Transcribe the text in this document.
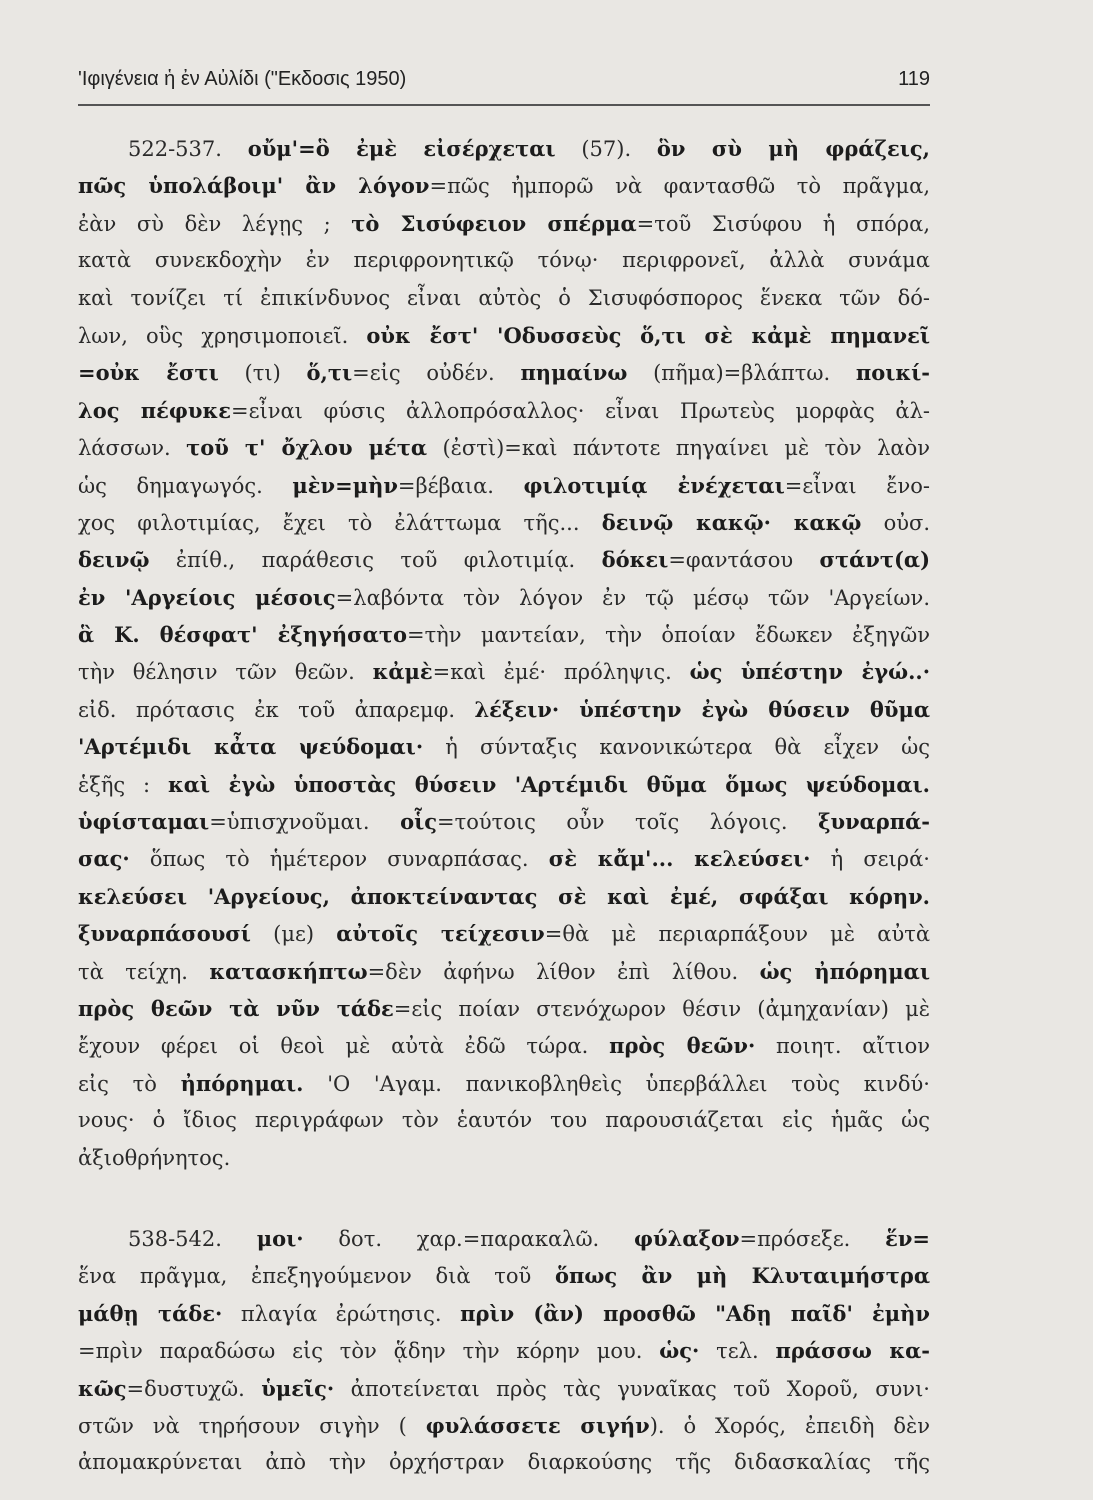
'Ιφιγένεια ἡ ἐν Αὐλίδι ("Εκδοσις 1950)	119
522-537. οὔμ'=ὃ ἐμὲ εἰσέρχεται (57). ὃν σὺ μὴ φράζεις,
πῶς ὑπολάβοιμ' ἂν λόγον=πῶς ἠμπορῶ νὰ φαντασθῶ τὸ πρᾶγμα,
ἐὰν σὺ δὲν λέγῃς ; τὸ Σισύφειον σπέρμα=τοῦ Σισύφου ἡ σπόρα,
κατὰ συνεκδοχὴν ἐν περιφρονητικῷ τόνῳ· περιφρονεῖ, ἀλλὰ συνάμα
καὶ τονίζει τί ἐπικίνδυνος εἶναι αὐτὸς ὁ Σισυφόσπορος ἕνεκα τῶν δό-
λων, οὓς χρησιμοποιεῖ. οὐκ ἔστ' 'Οδυσσεὺς ὅ,τι σὲ κἀμὲ πημανεῖ
=οὐκ ἔστι (τι) ὅ,τι=εἰς οὐδέν. πημαίνω (πῆμα)=βλάπτω. ποικί-
λος πέφυκε=εἶναι φύσις ἀλλοπρόσαλλος· εἶναι Πρωτεὺς μορφὰς ἀλ-
λάσσων. τοῦ τ' ὄχλου μέτα (ἐστὶ)=καὶ πάντοτε πηγαίνει μὲ τὸν λαὸν
ὡς δημαγωγός. μὲν=μὴν=βέβαια. φιλοτιμίᾳ ἐνέχεται=εἶναι ἔνο-
χος φιλοτιμίας, ἔχει τὸ ἐλάττωμα τῆς... δεινῷ κακῷ· κακῷ οὐσ.
δεινῷ ἐπίθ., παράθεσις τοῦ φιλοτιμίᾳ. δόκει=φαντάσου στάντ(α)
ἐν 'Αργείοις μέσοις=λαβόντα τὸν λόγον ἐν τῷ μέσῳ τῶν 'Αργείων.
ἃ Κ. θέσφατ' ἐξηγήσατο=τὴν μαντείαν, τὴν ὁποίαν ἔδωκεν ἐξηγῶν
τὴν θέλησιν τῶν θεῶν. κἀμὲ=καὶ ἐμέ· πρόληψις. ὡς ὑπέστην ἐγώ..·
εἰδ. πρότασις ἐκ τοῦ ἀπαρεμφ. λέξειν· ὑπέστην ἐγὼ θύσειν θῦμα
'Αρτέμιδι κἆτα ψεύδομαι· ἡ σύνταξις κανονικώτερα θὰ εἶχεν ὡς
ἑξῆς : καὶ ἐγὼ ὑποστὰς θύσειν 'Αρτέμιδι θῦμα ὅμως ψεύδομαι.
ὑφίσταμαι=ὑπισχνοῦμαι. οἷς=τούτοις οὖν τοῖς λόγοις. ξυναρπά-
σας· ὅπως τὸ ἡμέτερον συναρπάσας. σὲ κἄμ'... κελεύσει· ἡ σειρά·
κελεύσει 'Αργείους, ἀποκτείναντας σὲ καὶ ἐμέ, σφάξαι κόρην.
ξυναρπάσουσί (με) αὐτοῖς τείχεσιν=θὰ μὲ περιαρπάξουν μὲ αὐτὰ
τὰ τείχη. κατασκήπτω=δὲν ἀφήνω λίθον ἐπὶ λίθου. ὡς ἠπόρημαι
πρὸς θεῶν τὰ νῦν τάδε=εἰς ποίαν στενόχωρον θέσιν (ἀμηχανίαν) μὲ
ἔχουν φέρει οἱ θεοὶ μὲ αὐτὰ ἐδῶ τώρα. πρὸς θεῶν· ποιητ. αἴτιον
εἰς τὸ ἠπόρημαι. 'Ο 'Αγαμ. πανικοβληθεὶς ὑπερβάλλει τοὺς κινδύ·
νους· ὁ ἴδιος περιγράφων τὸν ἑαυτόν του παρουσιάζεται εἰς ἡμᾶς ὡς
ἀξιοθρήνητος.
538-542. μοι· δοτ. χαρ.=παρακαλῶ. φύλαξον=πρόσεξε. ἕν=
ἕνα πρᾶγμα, ἐπεξηγούμενον διὰ τοῦ ὅπως ἂν μὴ Κλυταιμήστρα
μάθῃ τάδε· πλαγία ἐρώτησις. πρὶν (ἂν) προσθῶ "Αδῃ παῖδ' ἐμὴν
=πρὶν παραδώσω εἰς τὸν ᾅδην τὴν κόρην μου. ὡς· τελ. πράσσω κα-
κῶς=δυστυχῶ. ὑμεῖς· ἀποτείνεται πρὸς τὰς γυναῖκας τοῦ Χοροῦ, συνι·
στῶν νὰ τηρήσουν σιγὴν ( φυλάσσετε σιγήν). ὁ Χορός, ἐπειδὴ δὲν
ἀπομακρύνεται ἀπὸ τὴν ὀρχήστραν διαρκούσης τῆς διδασκαλίας τῆς
